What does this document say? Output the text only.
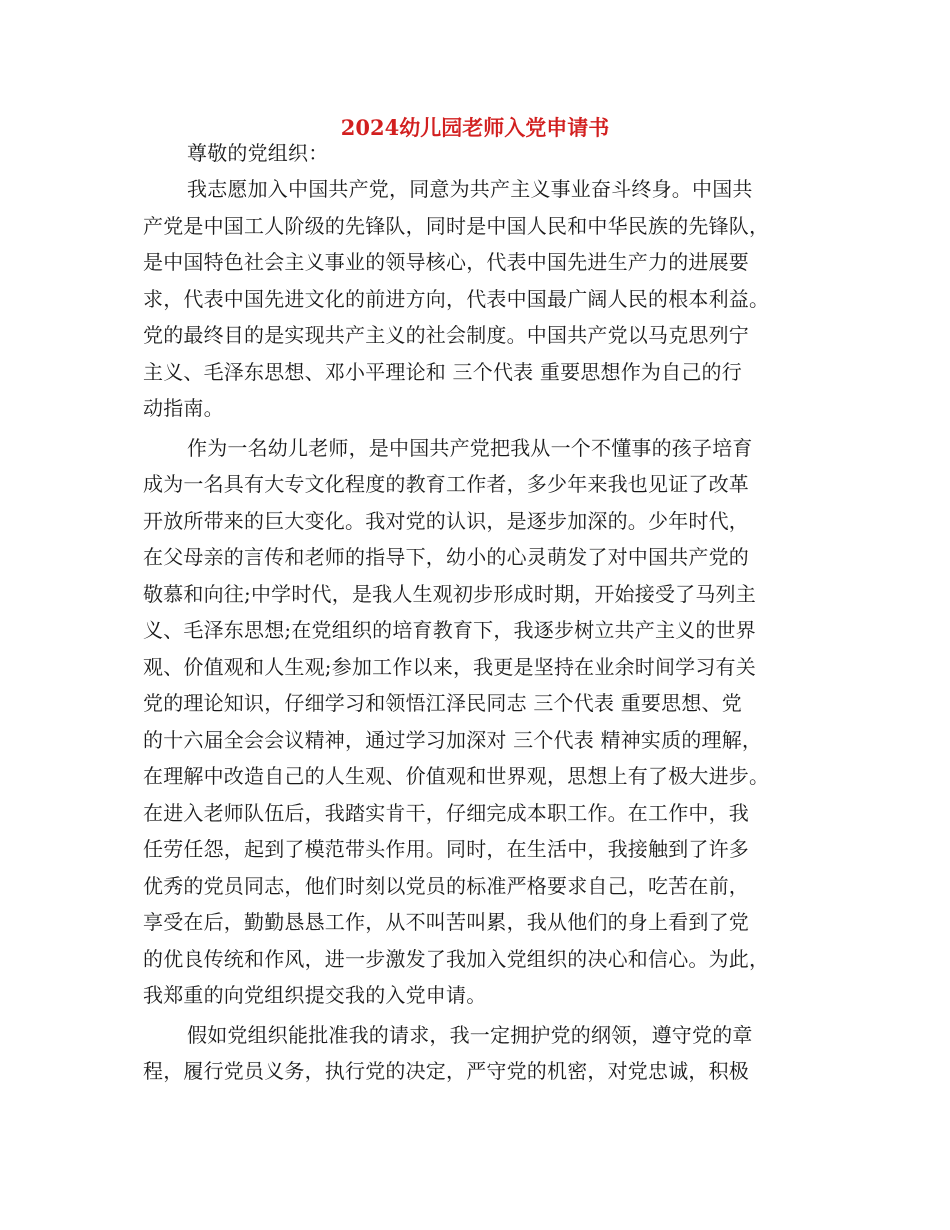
2024幼儿园老师入党申请书
尊敬的党组织：
我志愿加入中国共产党，同意为共产主义事业奋斗终身。中国共
产党是中国工人阶级的先锋队，同时是中国人民和中华民族的先锋队，
是中国特色社会主义事业的领导核心，代表中国先进生产力的进展要
求，代表中国先进文化的前进方向，代表中国最广阔人民的根本利益。
党的最终目的是实现共产主义的社会制度。中国共产党以马克思列宁
主义、毛泽东思想、邓小平理论和 三个代表 重要思想作为自己的行
动指南。
作为一名幼儿老师，是中国共产党把我从一个不懂事的孩子培育
成为一名具有大专文化程度的教育工作者，多少年来我也见证了改革
开放所带来的巨大变化。我对党的认识，是逐步加深的。少年时代，
在父母亲的言传和老师的指导下，幼小的心灵萌发了对中国共产党的
敬慕和向往;中学时代，是我人生观初步形成时期，开始接受了马列主
义、毛泽东思想;在党组织的培育教育下，我逐步树立共产主义的世界
观、价值观和人生观;参加工作以来，我更是坚持在业余时间学习有关
党的理论知识，仔细学习和领悟江泽民同志 三个代表 重要思想、党
的十六届全会会议精神，通过学习加深对 三个代表 精神实质的理解，
在理解中改造自己的人生观、价值观和世界观，思想上有了极大进步。
在进入老师队伍后，我踏实肯干，仔细完成本职工作。在工作中，我
任劳任怨，起到了模范带头作用。同时，在生活中，我接触到了许多
优秀的党员同志，他们时刻以党员的标准严格要求自己，吃苦在前，
享受在后，勤勤恳恳工作，从不叫苦叫累，我从他们的身上看到了党
的优良传统和作风，进一步激发了我加入党组织的决心和信心。为此，
我郑重的向党组织提交我的入党申请。
假如党组织能批准我的请求，我一定拥护党的纲领，遵守党的章
程，履行党员义务，执行党的决定，严守党的机密，对党忠诚，积极
